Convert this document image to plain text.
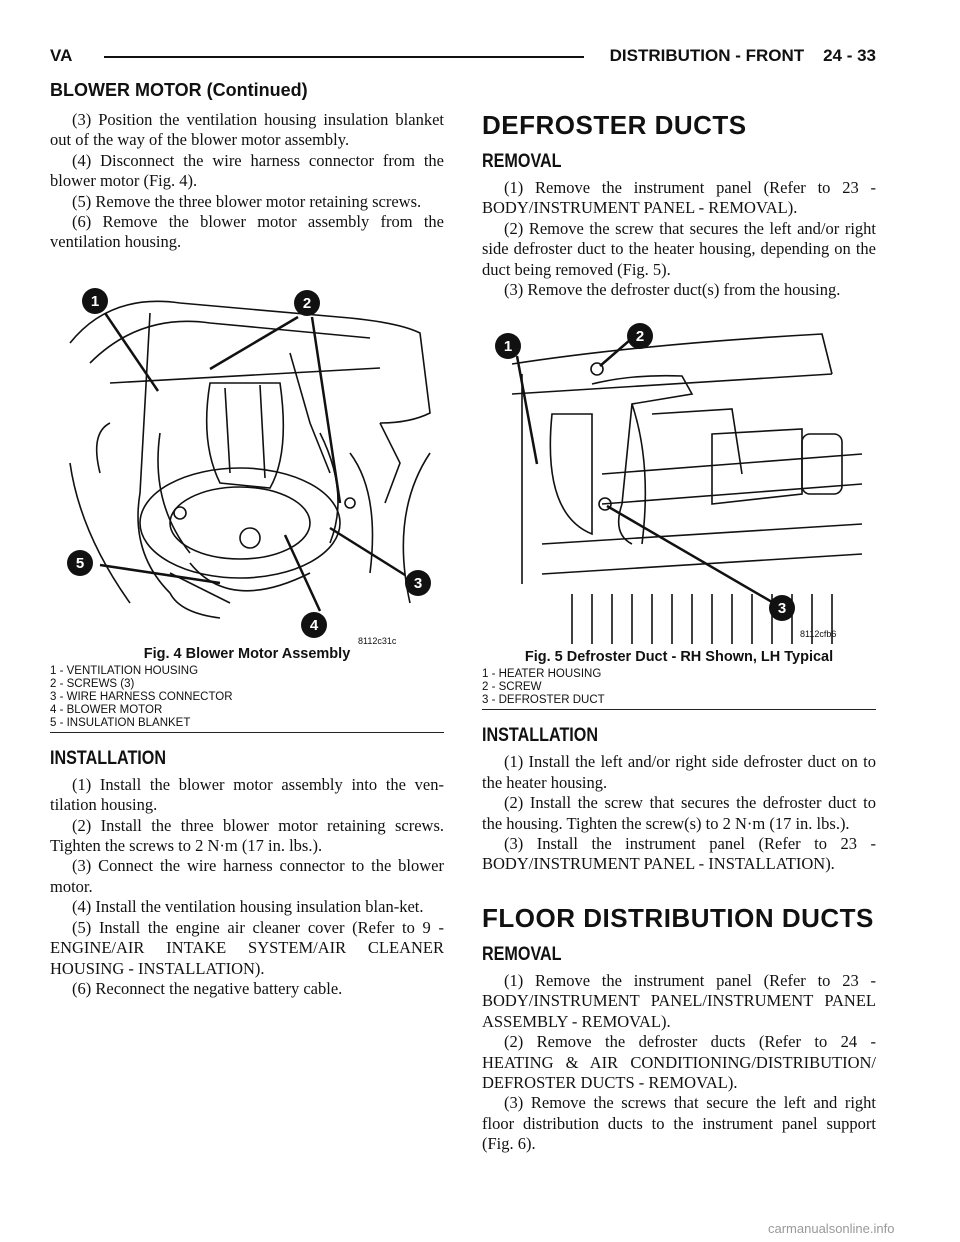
VA	DISTRIBUTION - FRONT    24 - 33
BLOWER MOTOR (Continued)

(3) Position the ventilation housing insulation blanket out of the way of the blower motor assembly.

(4) Disconnect the wire harness connector from the blower motor (Fig. 4).

(5) Remove the three blower motor retaining screws.

(6) Remove the blower motor assembly from the ventilation housing.

1	2
3
4
5
8112c31c

Fig. 4 Blower Motor Assembly

1 - VENTILATION HOUSING

2 - SCREWS (3)

3 - WIRE HARNESS CONNECTOR

4 - BLOWER MOTOR

5 - INSULATION BLANKET

INSTALLATION

(1) Install the blower motor assembly into the ven-tilation housing.

(2) Install the three blower motor retaining screws. Tighten the screws to 2 N·m (17 in. lbs.).

(3) Connect the wire harness connector to the blower motor.

(4) Install the ventilation housing insulation blan-ket.

(5) Install the engine air cleaner cover (Refer to 9 - ENGINE/AIR INTAKE SYSTEM/AIR CLEANER HOUSING - INSTALLATION).

(6) Reconnect the negative battery cable.

DEFROSTER DUCTS

REMOVAL

(1) Remove the instrument panel (Refer to 23 - BODY/INSTRUMENT PANEL - REMOVAL).

(2) Remove the screw that secures the left and/or right side defroster duct to the heater housing, depending on the duct being removed (Fig. 5).

(3) Remove the defroster duct(s) from the housing.

1
2
3
8112cfb6

Fig. 5 Defroster Duct - RH Shown, LH Typical

1 - HEATER HOUSING

2 - SCREW

3 - DEFROSTER DUCT

INSTALLATION

(1) Install the left and/or right side defroster duct on to the heater housing.

(2) Install the screw that secures the defroster duct to the housing. Tighten the screw(s) to 2 N·m (17 in. lbs.).

(3) Install the instrument panel (Refer to 23 - BODY/INSTRUMENT PANEL - INSTALLATION).

FLOOR DISTRIBUTION DUCTS

REMOVAL

(1) Remove the instrument panel (Refer to 23 - BODY/INSTRUMENT PANEL/INSTRUMENT PANEL ASSEMBLY - REMOVAL).

(2) Remove the defroster ducts (Refer to 24 - HEATING & AIR CONDITIONING/DISTRIBUTION/ DEFROSTER DUCTS - REMOVAL).

(3) Remove the screws that secure the left and right floor distribution ducts to the instrument panel support (Fig. 6).

carmanualsonline.info
